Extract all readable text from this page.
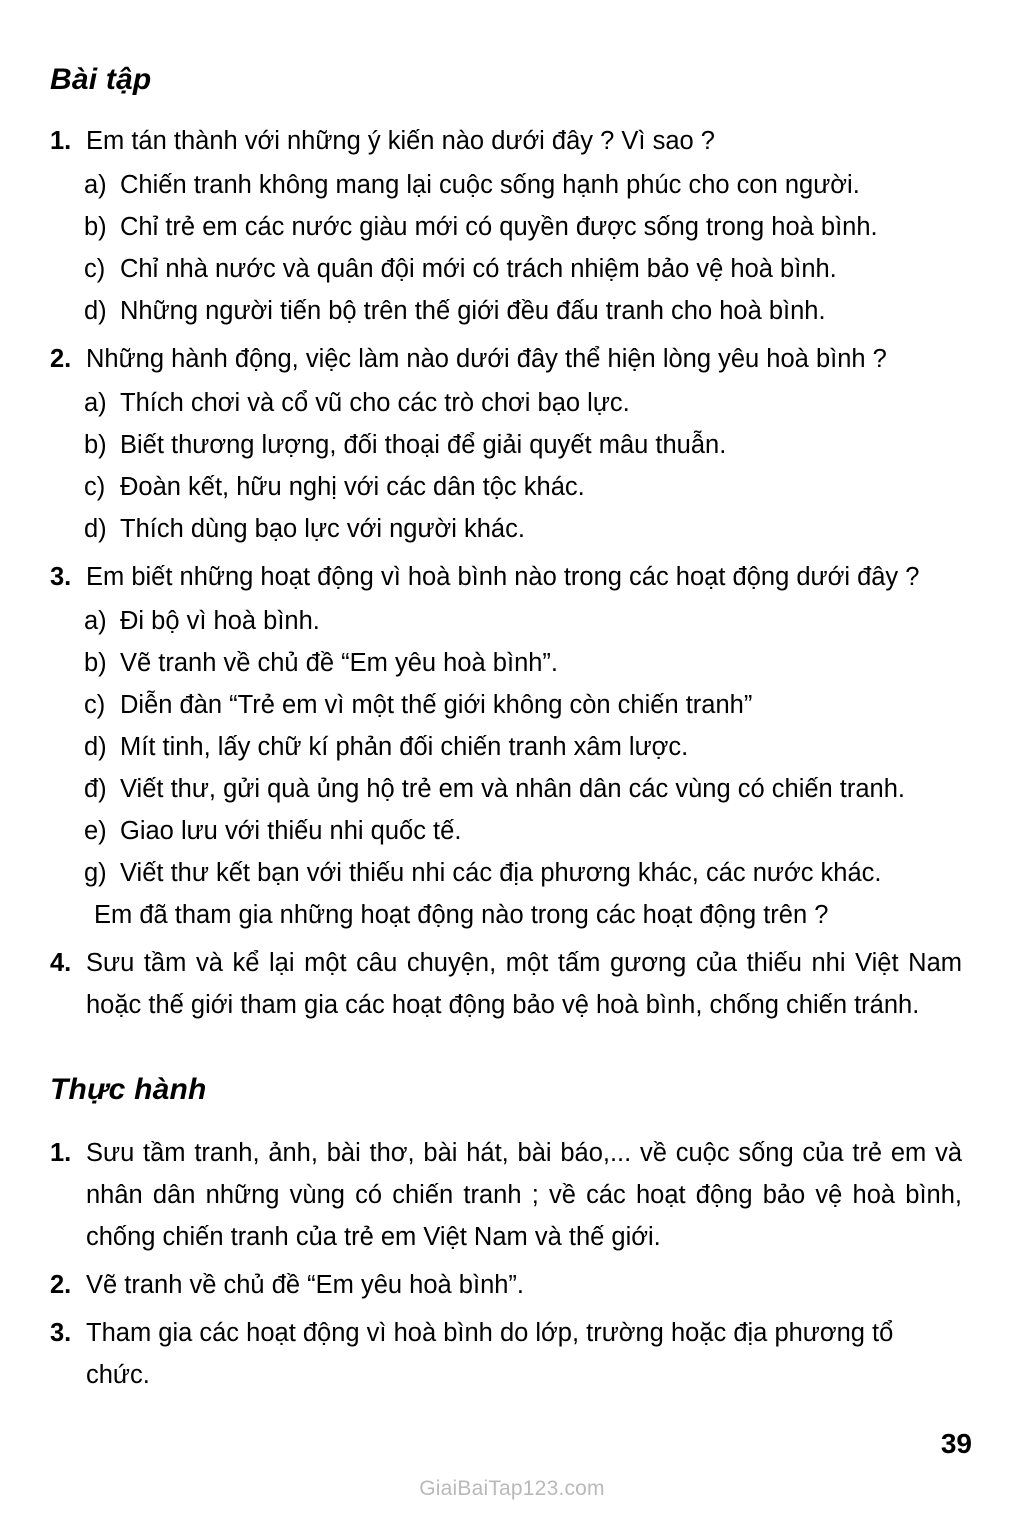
Bài tập
1. Em tán thành với những ý kiến nào dưới đây ? Vì sao ?
a) Chiến tranh không mang lại cuộc sống hạnh phúc cho con người.
b) Chỉ trẻ em các nước giàu mới có quyền được sống trong hoà bình.
c) Chỉ nhà nước và quân đội mới có trách nhiệm bảo vệ hoà bình.
d) Những người tiến bộ trên thế giới đều đấu tranh cho hoà bình.
2. Những hành động, việc làm nào dưới đây thể hiện lòng yêu hoà bình ?
a) Thích chơi và cổ vũ cho các trò chơi bạo lực.
b) Biết thương lượng, đối thoại để giải quyết mâu thuẫn.
c) Đoàn kết, hữu nghị với các dân tộc khác.
d) Thích dùng bạo lực với người khác.
3. Em biết những hoạt động vì hoà bình nào trong các hoạt động dưới đây ?
a) Đi bộ vì hoà bình.
b) Vẽ tranh về chủ đề “Em yêu hoà bình”.
c) Diễn đàn “Trẻ em vì một thế giới không còn chiến tranh”
d) Mít tinh, lấy chữ kí phản đối chiến tranh xâm lược.
đ) Viết thư, gửi quà ủng hộ trẻ em và nhân dân các vùng có chiến tranh.
e) Giao lưu với thiếu nhi quốc tế.
g) Viết thư kết bạn với thiếu nhi các địa phương khác, các nước khác.
Em đã tham gia những hoạt động nào trong các hoạt động trên ?
4. Sưu tầm và kể lại một câu chuyện, một tấm gương của thiếu nhi Việt Nam hoặc thế giới tham gia các hoạt động bảo vệ hoà bình, chống chiến tránh.
Thực hành
1. Sưu tầm tranh, ảnh, bài thơ, bài hát, bài báo,... về cuộc sống của trẻ em và nhân dân những vùng có chiến tranh ; về các hoạt động bảo vệ hoà bình, chống chiến tranh của trẻ em Việt Nam và thế giới.
2. Vẽ tranh về chủ đề “Em yêu hoà bình”.
3. Tham gia các hoạt động vì hoà bình do lớp, trường hoặc địa phương tổ chức.
39
GiaiBaiTap123.com
